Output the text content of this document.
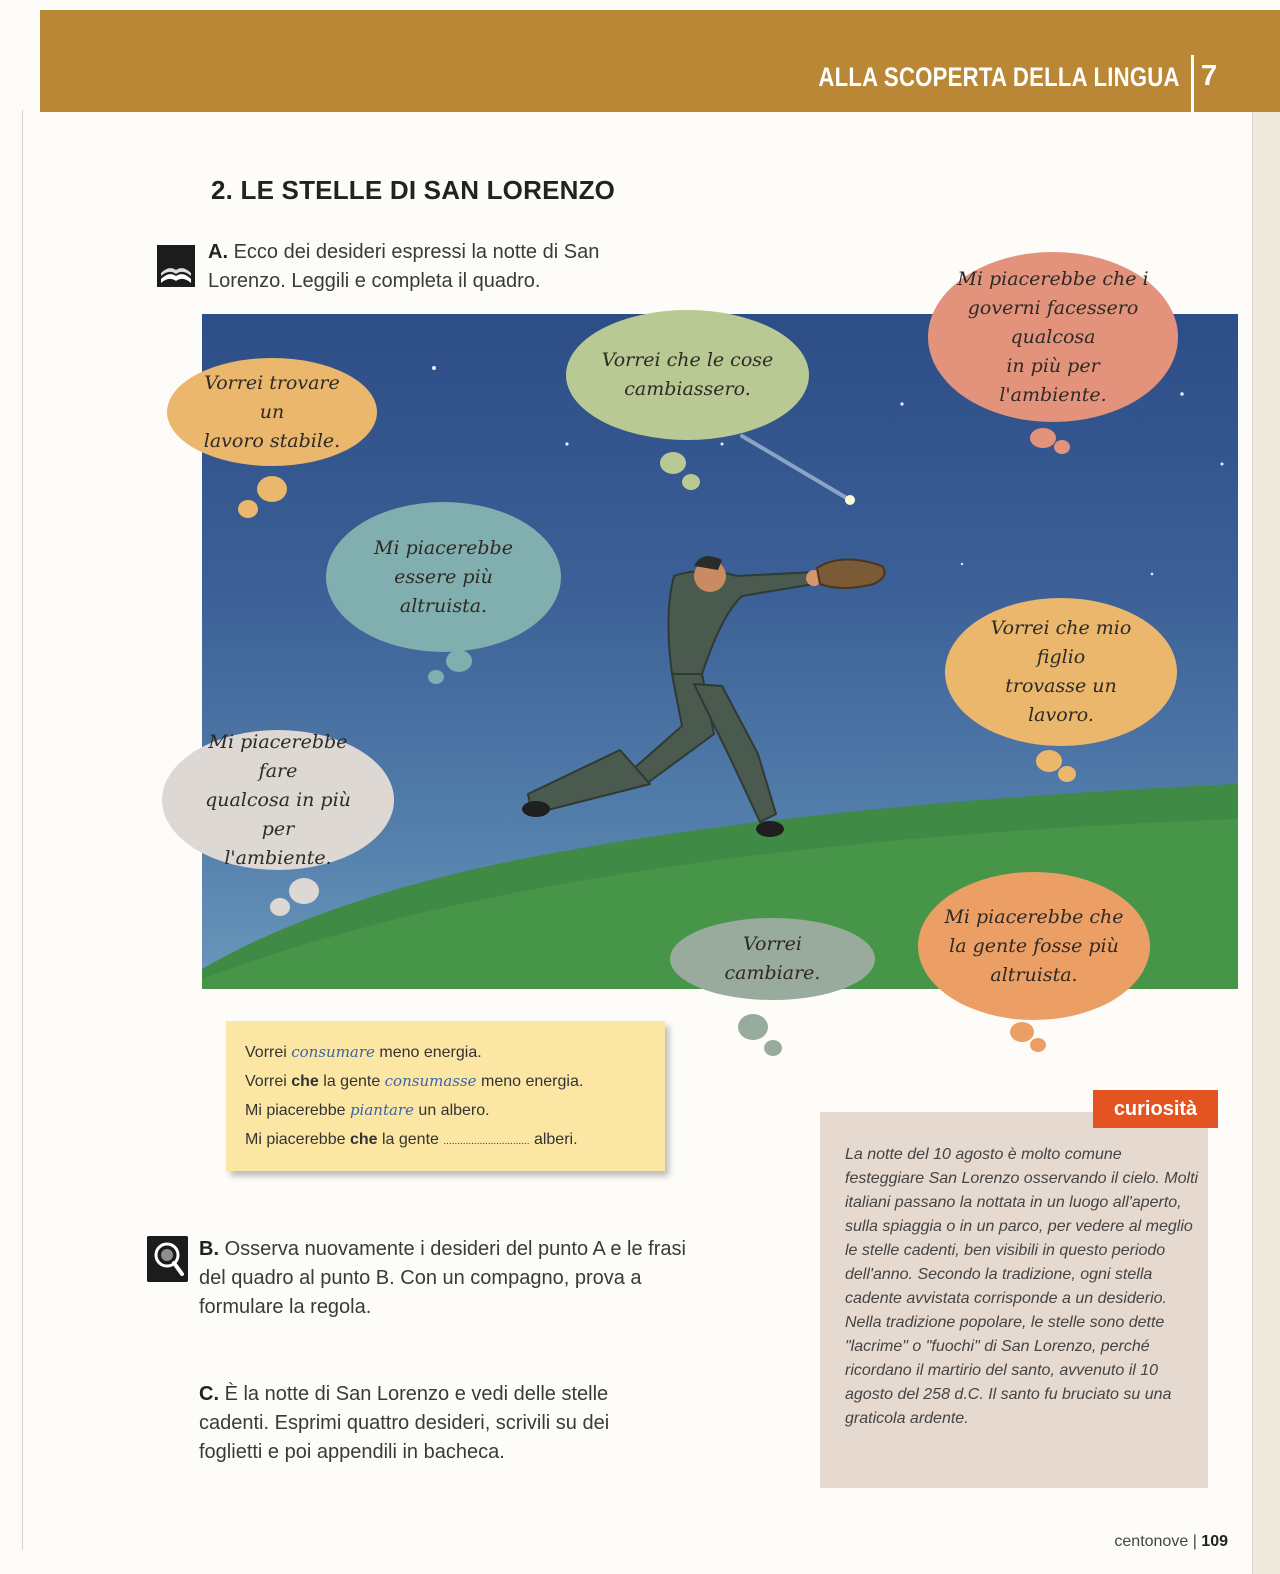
ALLA SCOPERTA DELLA LINGUA 7
2. LE STELLE DI SAN LORENZO
A. Ecco dei desideri espressi la notte di San Lorenzo. Leggili e completa il quadro.
Vorrei trovare un
lavoro stabile.
Vorrei che le cose
cambiassero.
Mi piacerebbe che i
governi facessero qualcosa
in più per l'ambiente.
Mi piacerebbe
essere più altruista.
Vorrei che mio figlio
trovasse un lavoro.
Mi piacerebbe fare
qualcosa in più per
l'ambiente.
Vorrei cambiare.
Mi piacerebbe che
la gente fosse più
altruista.
Vorrei consumare meno energia.
Vorrei che la gente consumasse meno energia.
Mi piacerebbe piantare un albero.
Mi piacerebbe che la gente ............................... alberi.
B. Osserva nuovamente i desideri del punto A e le frasi del quadro al punto B. Con un compagno, prova a formulare la regola.
C. È la notte di San Lorenzo e vedi delle stelle cadenti. Esprimi quattro desideri, scrivili su dei foglietti e poi appendili in bacheca.
curiosità
La notte del 10 agosto è molto comune festeggiare San Lorenzo osservando il cielo. Molti italiani passano la nottata in un luogo all'aperto, sulla spiaggia o in un parco, per vedere al meglio le stelle cadenti, ben visibili in questo periodo dell'anno. Secondo la tradizione, ogni stella cadente avvistata corrisponde a un desiderio. Nella tradizione popolare, le stelle sono dette "lacrime" o "fuochi" di San Lorenzo, perché ricordano il martirio del santo, avvenuto il 10 agosto del 258 d.C. Il santo fu bruciato su una graticola ardente.
centonove | 109
